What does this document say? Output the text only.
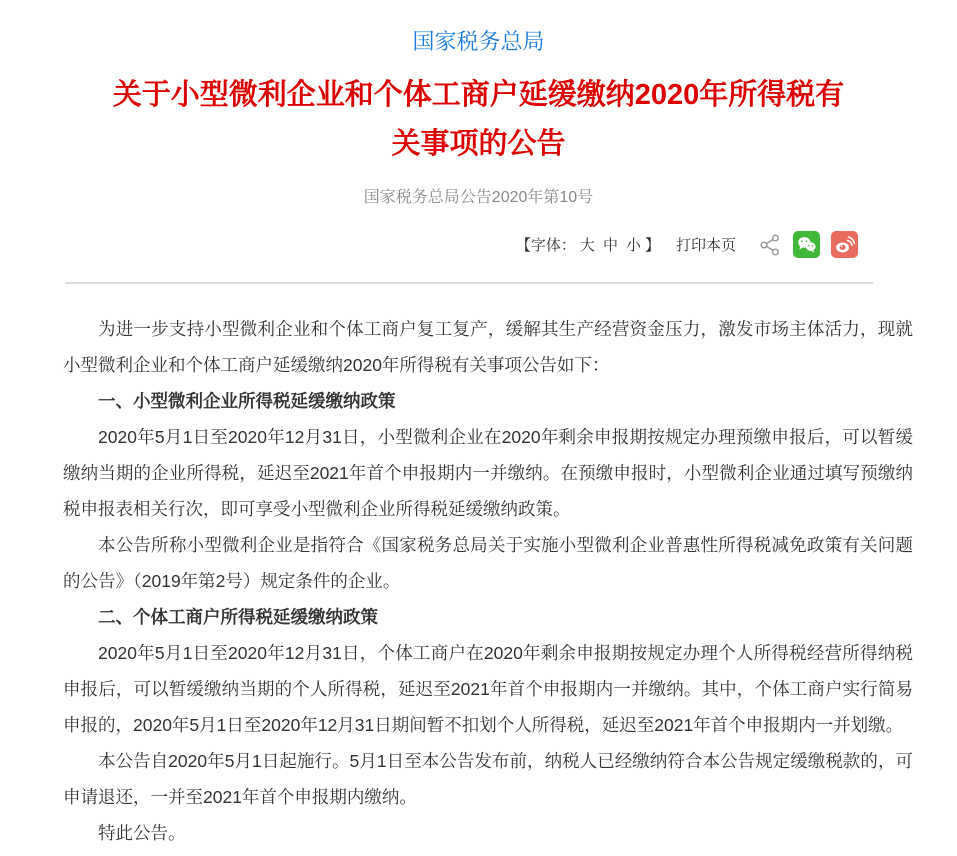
国家税务总局
关于小型微利企业和个体工商户延缓缴纳2020年所得税有
关事项的公告
国家税务总局公告2020年第10号
【字体： 大 中 小 】 打印本页

为进一步支持小型微利企业和个体工商户复工复产，缓解其生产经营资金压力，激发市场主体活力，现就小型微利企业和个体工商户延缓缴纳2020年所得税有关事项公告如下：

一、小型微利企业所得税延缓缴纳政策

2020年5月1日至2020年12月31日，小型微利企业在2020年剩余申报期按规定办理预缴申报后，可以暂缓缴纳当期的企业所得税，延迟至2021年首个申报期内一并缴纳。在预缴申报时，小型微利企业通过填写预缴纳税申报表相关行次，即可享受小型微利企业所得税延缓缴纳政策。

本公告所称小型微利企业是指符合《国家税务总局关于实施小型微利企业普惠性所得税减免政策有关问题的公告》（2019年第2号）规定条件的企业。

二、个体工商户所得税延缓缴纳政策

2020年5月1日至2020年12月31日，个体工商户在2020年剩余申报期按规定办理个人所得税经营所得纳税申报后，可以暂缓缴纳当期的个人所得税，延迟至2021年首个申报期内一并缴纳。其中，个体工商户实行简易申报的，2020年5月1日至2020年12月31日期间暂不扣划个人所得税，延迟至2021年首个申报期内一并划缴。

本公告自2020年5月1日起施行。5月1日至本公告发布前，纳税人已经缴纳符合本公告规定缓缴税款的，可申请退还，一并至2021年首个申报期内缴纳。

特此公告。
